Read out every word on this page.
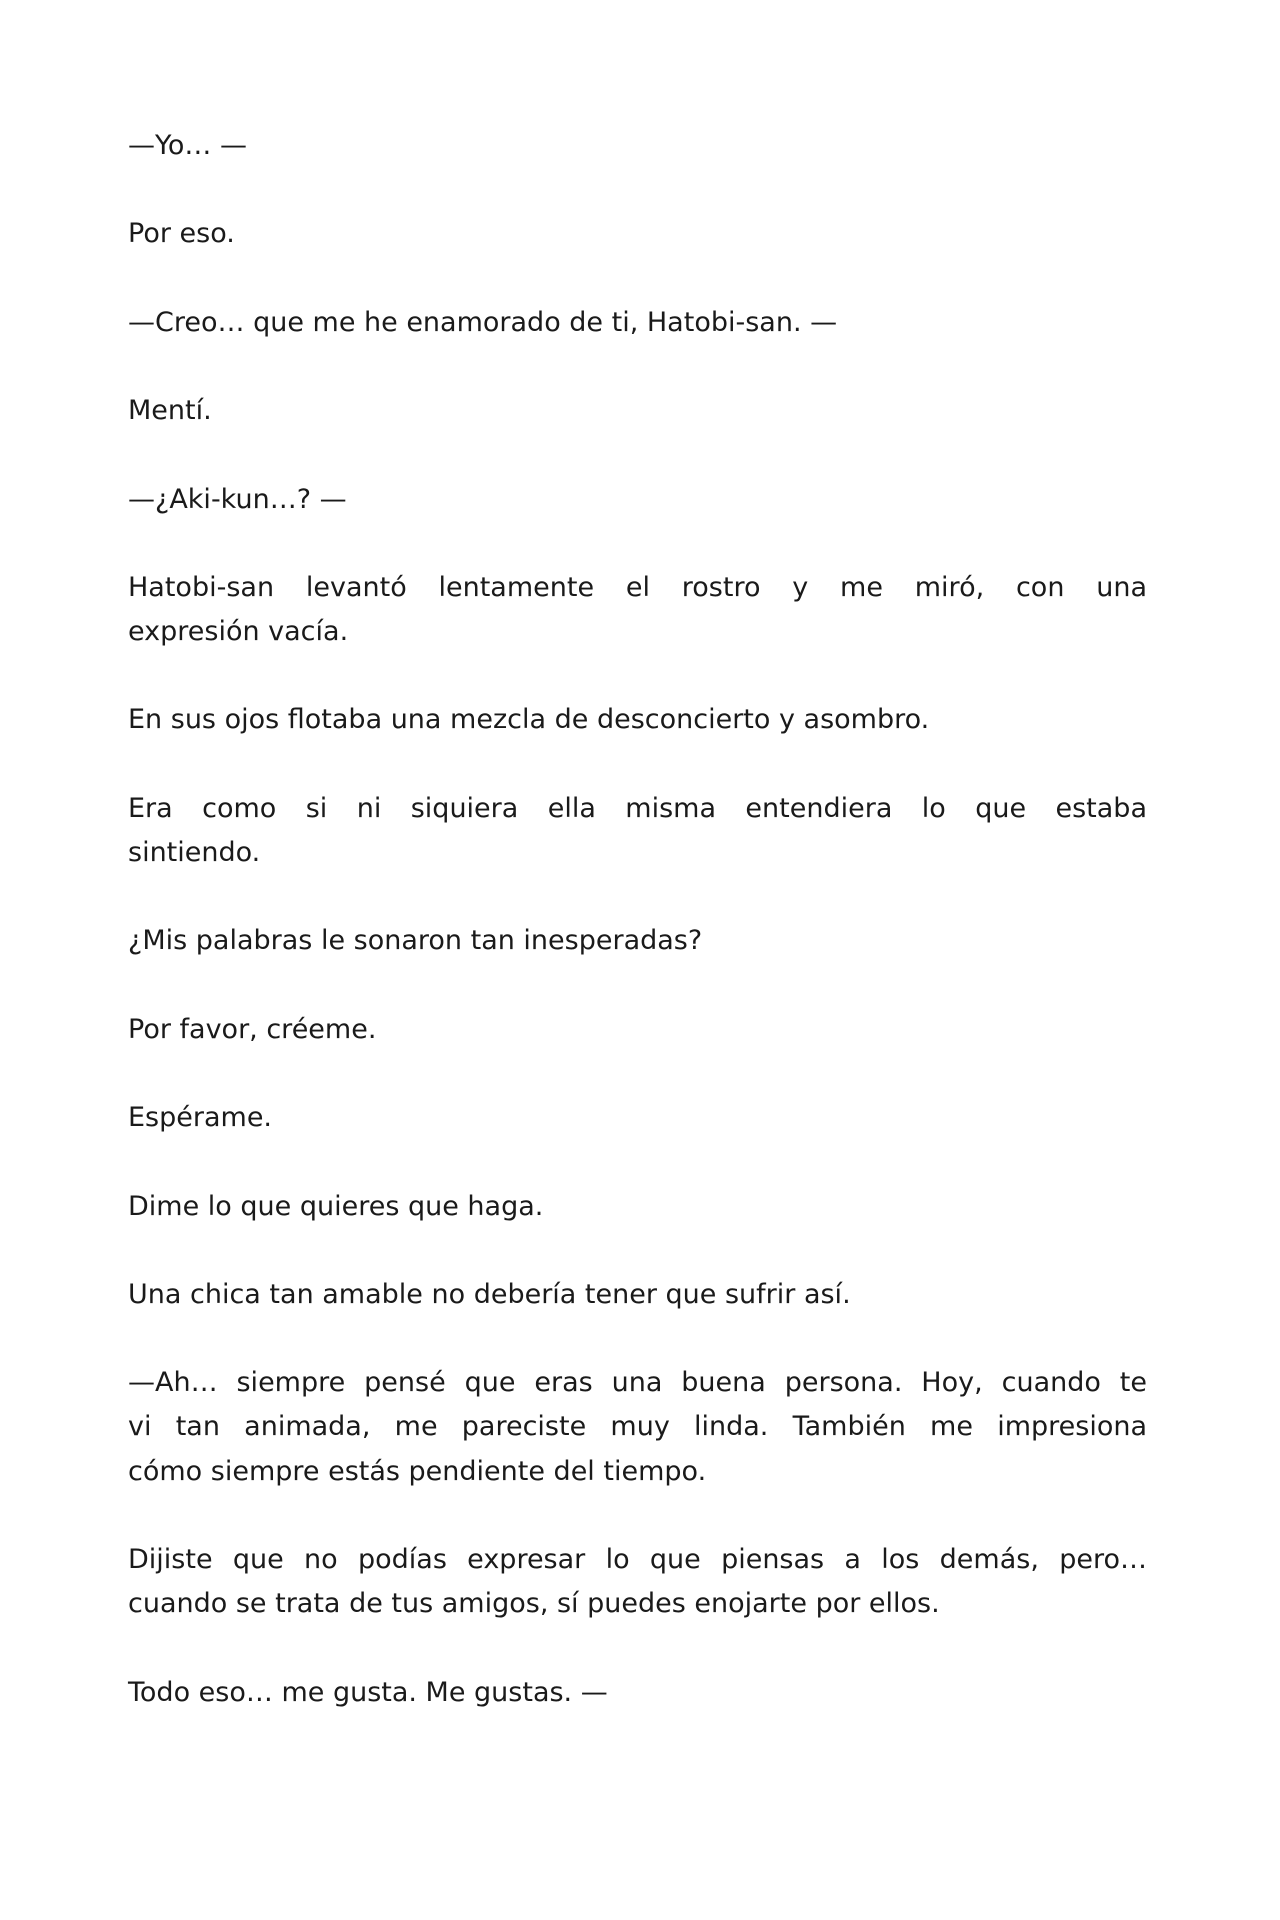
—Yo… —
Por eso.
—Creo… que me he enamorado de ti, Hatobi-san. —
Mentí.
—¿Aki-kun…? —
Hatobi-san levantó lentamente el rostro y me miró, con una
expresión vacía.
En sus ojos flotaba una mezcla de desconcierto y asombro.
Era como si ni siquiera ella misma entendiera lo que estaba
sintiendo.
¿Mis palabras le sonaron tan inesperadas?
Por favor, créeme.
Espérame.
Dime lo que quieres que haga.
Una chica tan amable no debería tener que sufrir así.
—Ah… siempre pensé que eras una buena persona. Hoy, cuando te
vi tan animada, me pareciste muy linda. También me impresiona
cómo siempre estás pendiente del tiempo.
Dijiste que no podías expresar lo que piensas a los demás, pero…
cuando se trata de tus amigos, sí puedes enojarte por ellos.
Todo eso… me gusta. Me gustas. —
